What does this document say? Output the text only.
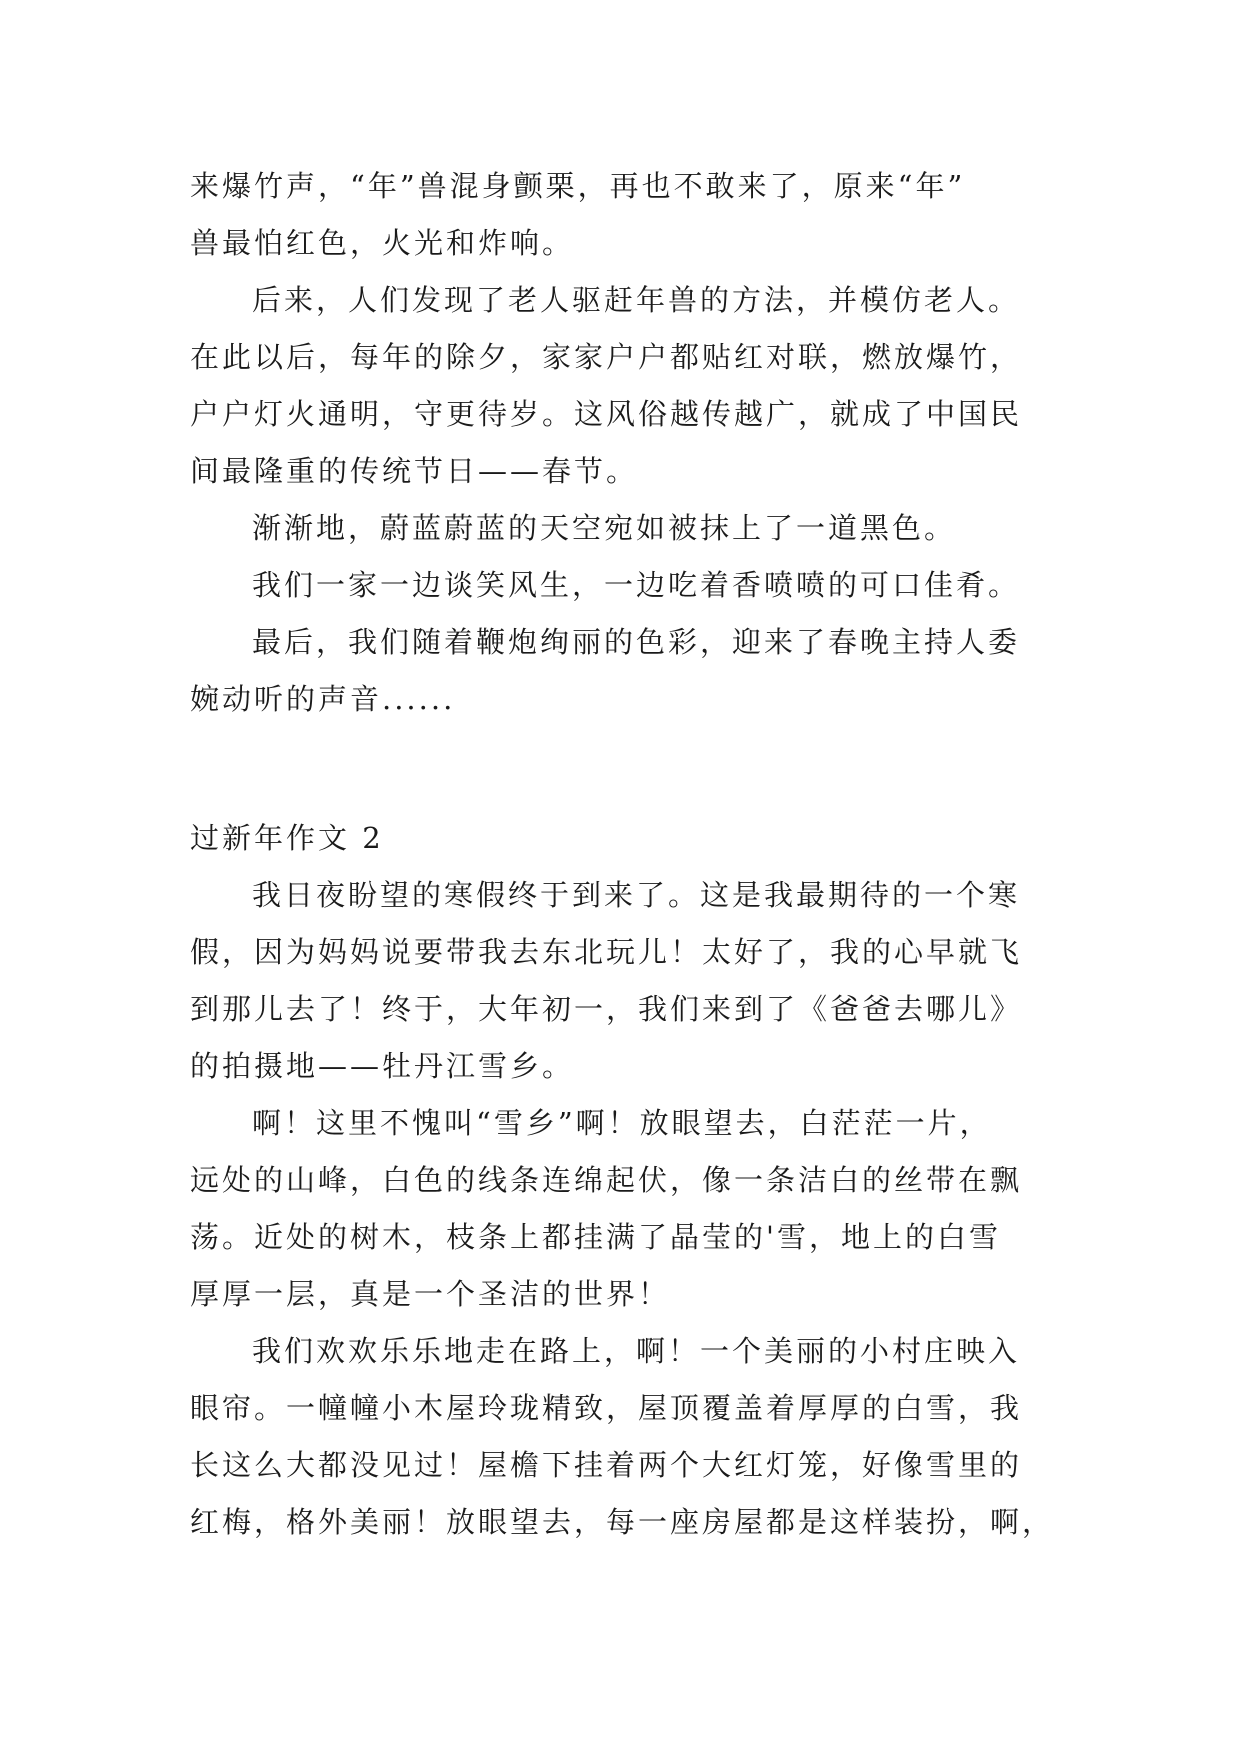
来爆竹声，“年”兽混身颤栗，再也不敢来了，原来“年”
兽最怕红色，火光和炸响。
后来，人们发现了老人驱赶年兽的方法，并模仿老人。
在此以后，每年的除夕，家家户户都贴红对联，燃放爆竹，
户户灯火通明，守更待岁。这风俗越传越广，就成了中国民
间最隆重的传统节日——春节。
渐渐地，蔚蓝蔚蓝的天空宛如被抹上了一道黑色。
我们一家一边谈笑风生，一边吃着香喷喷的可口佳肴。
最后，我们随着鞭炮绚丽的色彩，迎来了春晚主持人委
婉动听的声音......
过新年作文 2
我日夜盼望的寒假终于到来了。这是我最期待的一个寒
假，因为妈妈说要带我去东北玩儿！太好了，我的心早就飞
到那儿去了！终于，大年初一，我们来到了《爸爸去哪儿》
的拍摄地——牡丹江雪乡。
啊！这里不愧叫“雪乡”啊！放眼望去，白茫茫一片，
远处的山峰，白色的线条连绵起伏，像一条洁白的丝带在飘
荡。近处的树木，枝条上都挂满了晶莹的'雪，地上的白雪
厚厚一层，真是一个圣洁的世界！
我们欢欢乐乐地走在路上，啊！一个美丽的小村庄映入
眼帘。一幢幢小木屋玲珑精致，屋顶覆盖着厚厚的白雪，我
长这么大都没见过！屋檐下挂着两个大红灯笼，好像雪里的
红梅，格外美丽！放眼望去，每一座房屋都是这样装扮，啊，
